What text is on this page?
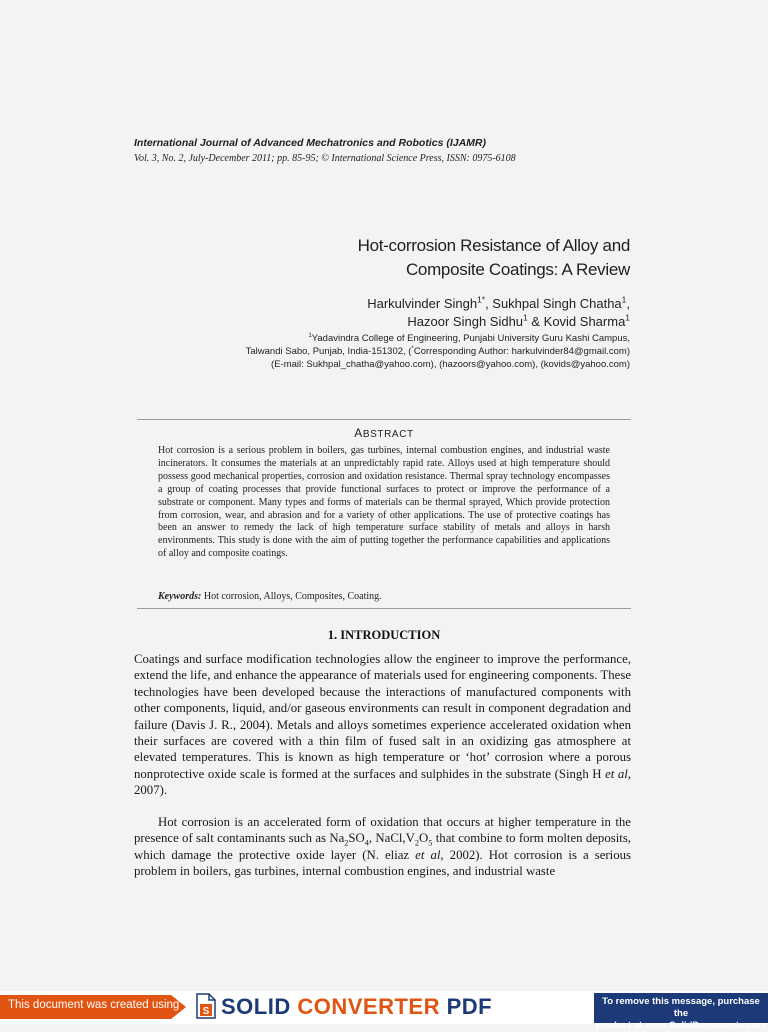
International Journal of Advanced Mechatronics and Robotics (IJAMR)
Vol. 3, No. 2, July-December 2011; pp. 85-95; © International Science Press, ISSN: 0975-6108
Hot-corrosion Resistance of Alloy and
Composite Coatings: A Review
Harkulvinder Singh$^{1*}$, Sukhpal Singh Chatha$^1$,
Hazoor Singh Sidhu$^1$ & Kovid Sharma$^1$
$^1$Yadavindra College of Engineering, Punjabi University Guru Kashi Campus,
Talwandi Sabo, Punjab, India-151302, (*Corresponding Author: harkulvinder84@gmail.com)
(E-mail: Sukhpal_chatha@yahoo.com), (hazoors@yahoo.com), (kovids@yahoo.com)
ABSTRACT
Hot corrosion is a serious problem in boilers, gas turbines, internal combustion engines, and industrial waste incinerators. It consumes the materials at an unpredictably rapid rate. Alloys used at high temperature should possess good mechanical properties, corrosion and oxidation resistance. Thermal spray technology encompasses a group of coating processes that provide functional surfaces to protect or improve the performance of a substrate or component. Many types and forms of materials can be thermal sprayed, Which provide protection from corrosion, wear, and abrasion and for a variety of other applications. The use of protective coatings has been an answer to remedy the lack of high temperature surface stability of metals and alloys in harsh environments. This study is done with the aim of putting together the performance capabilities and applications of alloy and composite coatings.
Keywords: Hot corrosion, Alloys, Composites, Coating.
1. INTRODUCTION
Coatings and surface modification technologies allow the engineer to improve the performance, extend the life, and enhance the appearance of materials used for engineering components. These technologies have been developed because the interactions of manufactured components with other components, liquid, and/or gaseous environments can result in component degradation and failure (Davis J. R., 2004). Metals and alloys sometimes experience accelerated oxidation when their surfaces are covered with a thin film of fused salt in an oxidizing gas atmosphere at elevated temperatures. This is known as high temperature or ‘hot’ corrosion where a porous nonprotective oxide scale is formed at the surfaces and sulphides in the substrate (Singh H et al, 2007).
Hot corrosion is an accelerated form of oxidation that occurs at higher temperature in the presence of salt contaminants such as $Na_2SO_4$, $NaCl,V_2O_5$ that combine to form molten deposits, which damage the protective oxide layer (N. eliaz et al, 2002). Hot corrosion is a serious problem in boilers, gas turbines, internal combustion engines, and industrial waste
This document was created using
S SOLID CONVERTER PDF	To remove this message, purchase the
product at www.SolidDocuments.com
